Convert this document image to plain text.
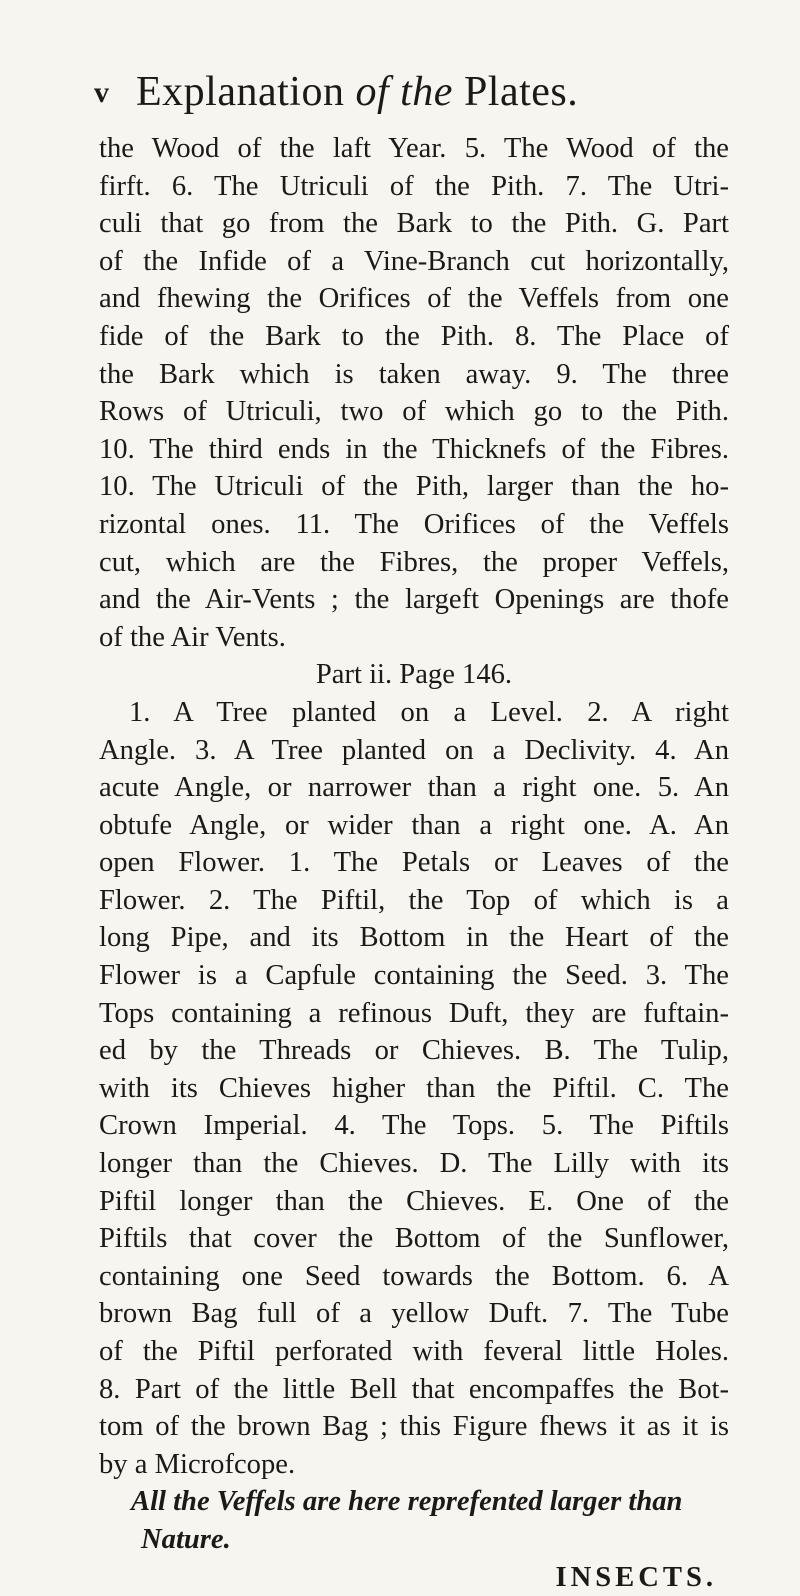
v Explanation of the Plates.
the Wood of the laft Year. 5. The Wood of the
firft. 6. The Utriculi of the Pith. 7. The Utri-
culi that go from the Bark to the Pith. G. Part
of the Infide of a Vine-Branch cut horizontally,
and fhewing the Orifices of the Veffels from one
fide of the Bark to the Pith. 8. The Place of
the Bark which is taken away. 9. The three
Rows of Utriculi, two of which go to the Pith.
10. The third ends in the Thicknefs of the Fibres.
10. The Utriculi of the Pith, larger than the ho-
rizontal ones. 11. The Orifices of the Veffels
cut, which are the Fibres, the proper Veffels,
and the Air-Vents ; the largeft Openings are thofe
of the Air Vents.
Part ii. Page 146.
1. A Tree planted on a Level. 2. A right
Angle. 3. A Tree planted on a Declivity. 4. An
acute Angle, or narrower than a right one. 5. An
obtufe Angle, or wider than a right one. A. An
open Flower. 1. The Petals or Leaves of the
Flower. 2. The Piftil, the Top of which is a
long Pipe, and its Bottom in the Heart of the
Flower is a Capfule containing the Seed. 3. The
Tops containing a refinous Duft, they are fuftain-
ed by the Threads or Chieves. B. The Tulip,
with its Chieves higher than the Piftil. C. The
Crown Imperial. 4. The Tops. 5. The Piftils
longer than the Chieves. D. The Lilly with its
Piftil longer than the Chieves. E. One of the
Piftils that cover the Bottom of the Sunflower,
containing one Seed towards the Bottom. 6. A
brown Bag full of a yellow Duft. 7. The Tube
of the Piftil perforated with feveral little Holes.
8. Part of the little Bell that encompaffes the Bot-
tom of the brown Bag ; this Figure fhews it as it is
by a Microfcope.
All the Veffels are here reprefented larger than
Nature.
INSECTS.
